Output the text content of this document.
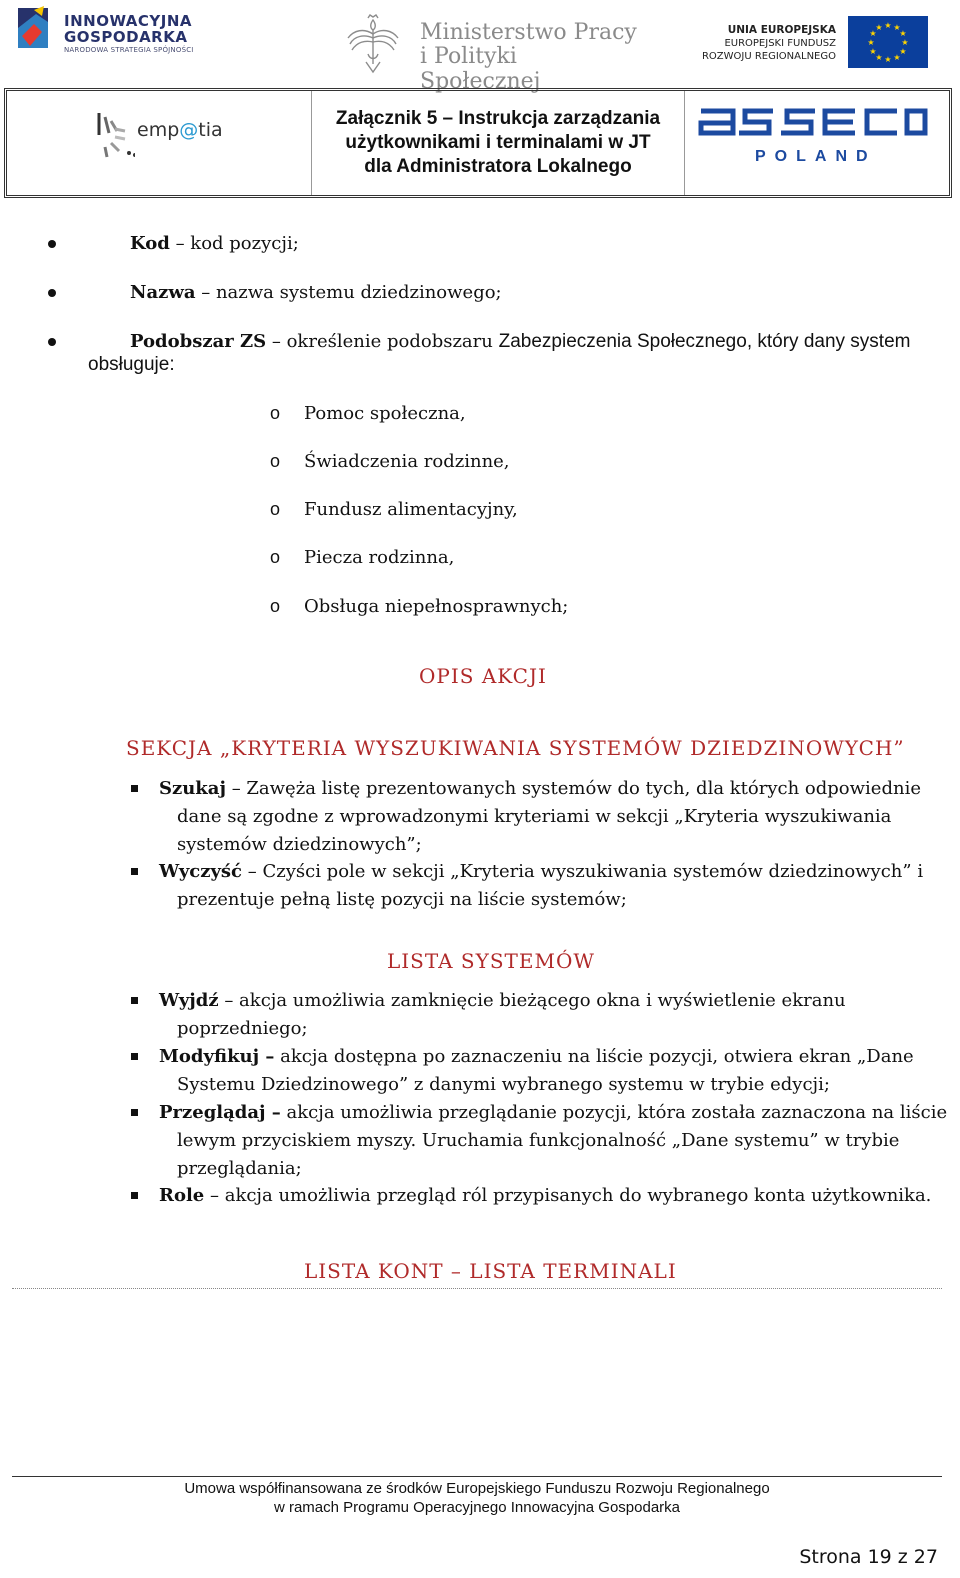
INNOWACYJNA
GOSPODARKA
NARODOWA STRATEGIA SPÓJNOŚCI
Ministerstwo Pracy
i Polityki Społecznej
UNIA EUROPEJSKA
EUROPEJSKI FUNDUSZ
ROZWOJU REGIONALNEGO
★ ★
★
★
★
★
★
★
★
★
★
★
emp@tia
Załącznik 5 – Instrukcja zarządzania
użytkownikami i terminalami w JT
dla Administratora Lokalnego	POLAND
Kod – kod pozycji;
Nazwa – nazwa systemu dziedzinowego;
Podobszar ZS – określenie podobszaru Zabezpieczenia Społecznego, który dany system
obsługuje:
o Pomoc społeczna,
o Świadczenia rodzinne,
o Fundusz alimentacyjny,
o Piecza rodzinna,
o Obsługa niepełnosprawnych;
OPIS AKCJI
SEKCJA „KRYTERIA WYSZUKIWANIA SYSTEMÓW DZIEDZINOWYCH”
Szukaj – Zawęża listę prezentowanych systemów do tych, dla których odpowiednie dane są zgodne z wprowadzonymi kryteriami w sekcji „Kryteria wyszukiwania systemów dziedzinowych”;
Wyczyść – Czyści pole w sekcji „Kryteria wyszukiwania systemów dziedzinowych” i prezentuje pełną listę pozycji na liście systemów;
LISTA SYSTEMÓW
Wyjdź – akcja umożliwia zamknięcie bieżącego okna i wyświetlenie ekranu poprzedniego;
Modyfikuj – akcja dostępna po zaznaczeniu na liście pozycji, otwiera ekran „Dane Systemu Dziedzinowego” z danymi wybranego systemu w trybie edycji;
Przeglądaj – akcja umożliwia przeglądanie pozycji, która została zaznaczona na liście lewym przyciskiem myszy. Uruchamia funkcjonalność „Dane systemu” w trybie przeglądania;
Role – akcja umożliwia przegląd ról przypisanych do wybranego konta użytkownika.
LISTA KONT – LISTA TERMINALI
Umowa współfinansowana ze środków Europejskiego Funduszu Rozwoju Regionalnego
w ramach Programu Operacyjnego Innowacyjna Gospodarka
Strona 19 z 27
